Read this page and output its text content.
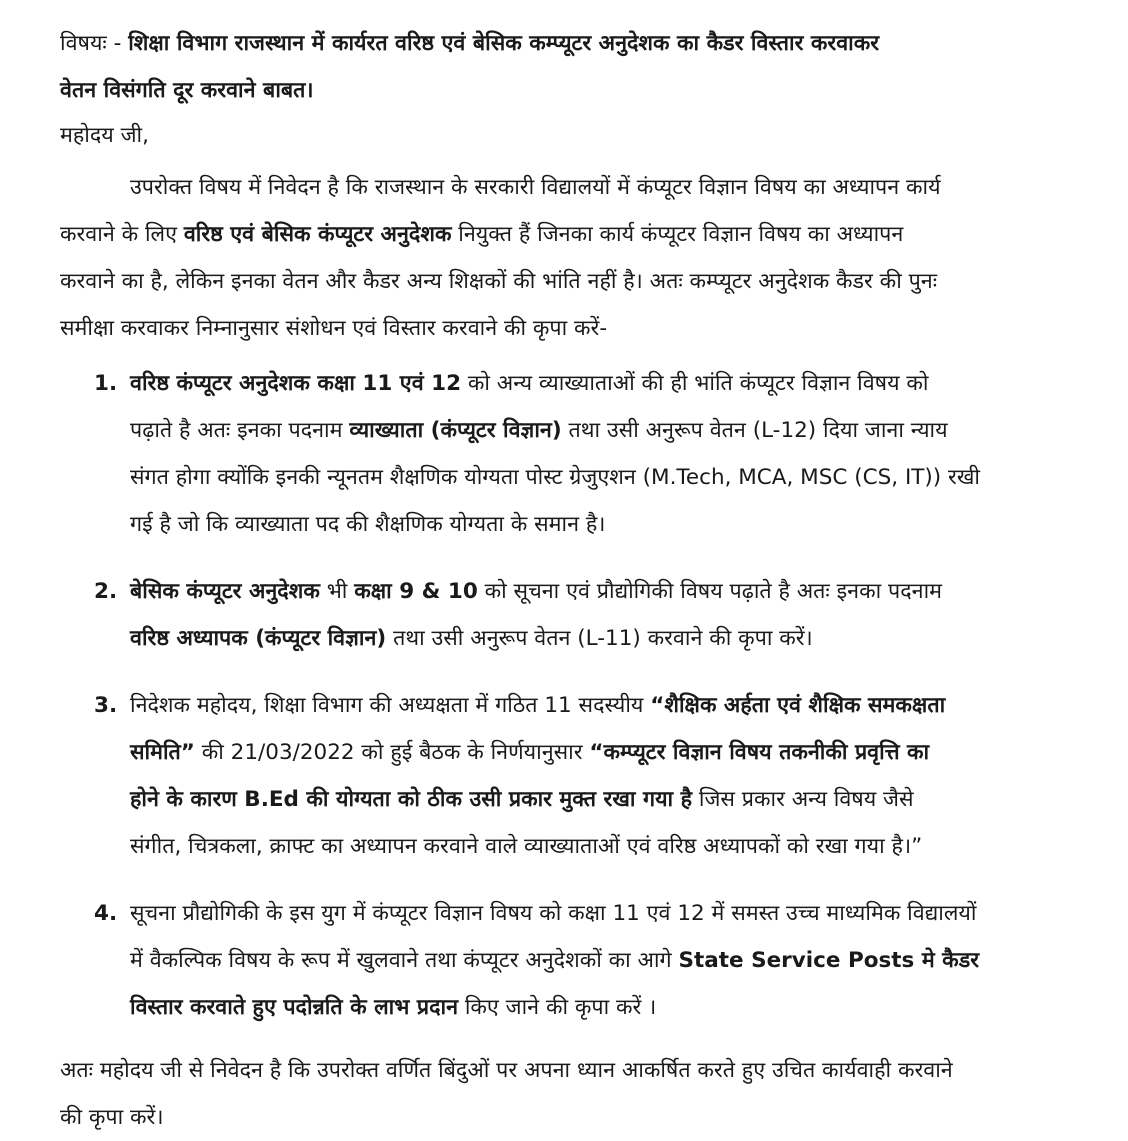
विषयः - शिक्षा विभाग राजस्थान में कार्यरत वरिष्ठ एवं बेसिक कम्प्यूटर अनुदेशक का कैडर विस्तार करवाकर
वेतन विसंगति दूर करवाने बाबत।
महोदय जी,
उपरोक्त विषय में निवेदन है कि राजस्थान के सरकारी विद्यालयों में कंप्यूटर विज्ञान विषय का अध्यापन कार्य
करवाने के लिए वरिष्ठ एवं बेसिक कंप्यूटर अनुदेशक नियुक्त हैं जिनका कार्य कंप्यूटर विज्ञान विषय का अध्यापन
करवाने का है, लेकिन इनका वेतन और कैडर अन्य शिक्षकों की भांति नहीं है। अतः कम्प्यूटर अनुदेशक कैडर की पुनः
समीक्षा करवाकर निम्नानुसार संशोधन एवं विस्तार करवाने की कृपा करें-
1. वरिष्ठ कंप्यूटर अनुदेशक कक्षा 11 एवं 12 को अन्य व्याख्याताओं की ही भांति कंप्यूटर विज्ञान विषय को
पढ़ाते है अतः इनका पदनाम व्याख्याता (कंप्यूटर विज्ञान) तथा उसी अनुरूप वेतन (L-12) दिया जाना न्याय
संगत होगा क्योंकि इनकी न्यूनतम शैक्षणिक योग्यता पोस्ट ग्रेजुएशन (M.Tech, MCA, MSC (CS, IT)) रखी
गई है जो कि व्याख्याता पद की शैक्षणिक योग्यता के समान है।
2. बेसिक कंप्यूटर अनुदेशक भी कक्षा 9 & 10 को सूचना एवं प्रौद्योगिकी विषय पढ़ाते है अतः इनका पदनाम
वरिष्ठ अध्यापक (कंप्यूटर विज्ञान) तथा उसी अनुरूप वेतन (L-11) करवाने की कृपा करें।
3. निदेशक महोदय, शिक्षा विभाग की अध्यक्षता में गठित 11 सदस्यीय “शैक्षिक अर्हता एवं शैक्षिक समकक्षता
समिति” की 21/03/2022 को हुई बैठक के निर्णयानुसार “कम्प्यूटर विज्ञान विषय तकनीकी प्रवृत्ति का
होने के कारण B.Ed की योग्यता को ठीक उसी प्रकार मुक्त रखा गया है जिस प्रकार अन्य विषय जैसे
संगीत, चित्रकला, क्राफ्ट का अध्यापन करवाने वाले व्याख्याताओं एवं वरिष्ठ अध्यापकों को रखा गया है।”
4. सूचना प्रौद्योगिकी के इस युग में कंप्यूटर विज्ञान विषय को कक्षा 11 एवं 12 में समस्त उच्च माध्यमिक विद्यालयों
में वैकल्पिक विषय के रूप में खुलवाने तथा कंप्यूटर अनुदेशकों का आगे State Service Posts मे कैडर
विस्तार करवाते हुए पदोन्नति के लाभ प्रदान किए जाने की कृपा करें ।
अतः महोदय जी से निवेदन है कि उपरोक्त वर्णित बिंदुओं पर अपना ध्यान आकर्षित करते हुए उचित कार्यवाही करवाने
की कृपा करें।
